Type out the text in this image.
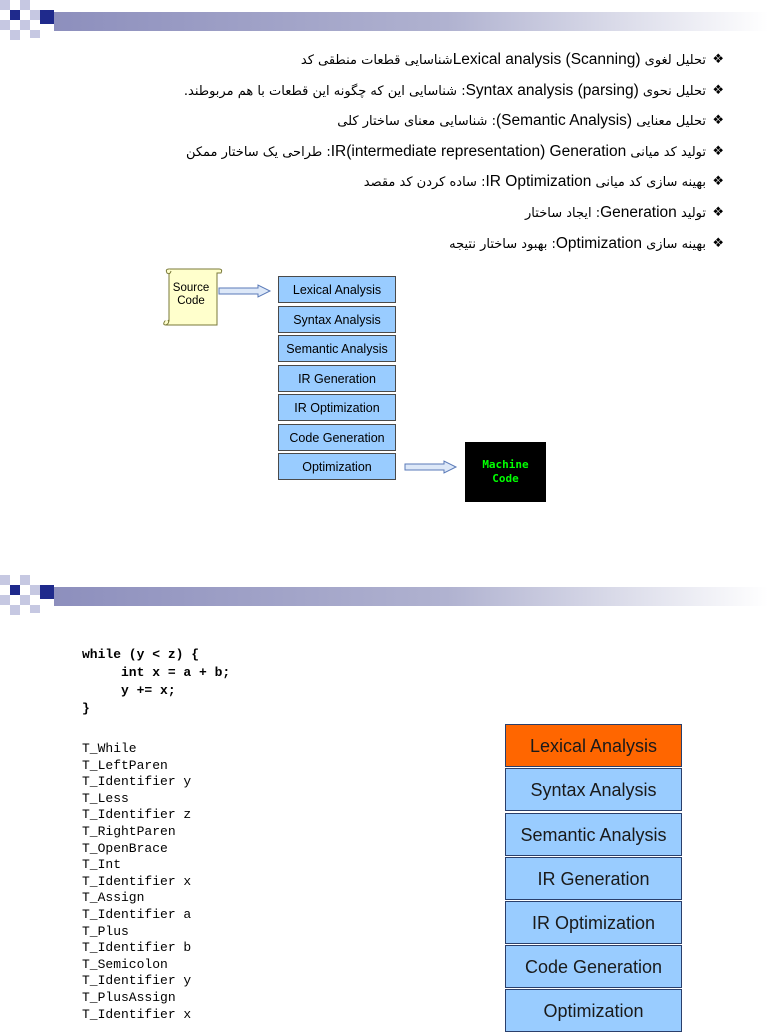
❖
تحلیل لغوی Lexical analysis (Scanning)شناسایی قطعات منطقی کد
❖
تحلیل نحوی Syntax analysis (parsing): شناسایی این که چگونه این قطعات با هم مربوطند.
❖
تحلیل معنایی (Semantic Analysis): شناسایی معنای ساختار کلی
❖
تولید کد میانی IR(intermediate representation) Generation: طراحی یک ساختار ممکن
❖
بهینه سازی کد میانی IR Optimization: ساده کردن کد مقصد
❖
تولید Generation: ایجاد ساختار
❖
بهینه سازی Optimization: بهبود ساختار نتیجه
Source
Code
Lexical Analysis
Syntax Analysis
Semantic Analysis
IR Generation
IR Optimization
Code Generation
Optimization	Machine
Code
while (y < z) {
int x = a + b;
y += x;
}
T_While
T_LeftParen
T_Identifier y
T_Less
T_Identifier z
T_RightParen
T_OpenBrace
T_Int
T_Identifier x
T_Assign
T_Identifier a
T_Plus
T_Identifier b
T_Semicolon
T_Identifier y
T_PlusAssign
T_Identifier x
Lexical Analysis
Syntax Analysis
Semantic Analysis
IR Generation
IR Optimization
Code Generation
Optimization
